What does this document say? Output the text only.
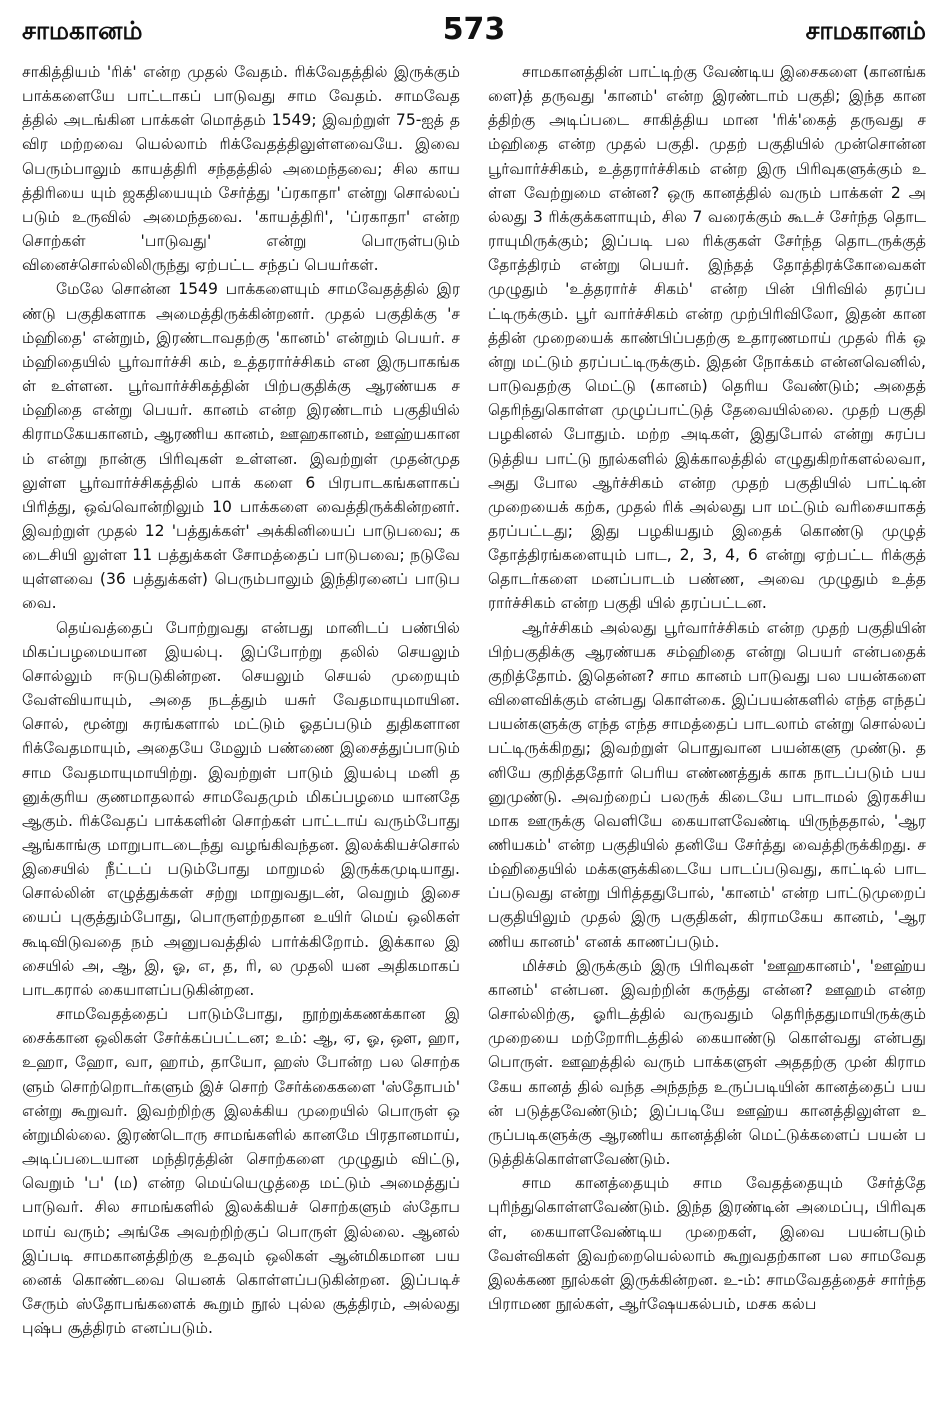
சாமகானம்	573	சாமகானம்

சாகித்தியம் 'ரிக்' என்ற முதல் வேதம். ரிக்வேதத்தில் இருக்கும் பாக்களையே பாட்டாகப் பாடுவது சாம வேதம். சாமவேதத்தில் அடங்கின பாக்கள் மொத்தம் 1549; இவற்றுள் 75-ஐத் தவிர மற்றவை யெல்லாம் ரிக்வேதத்திலுள்ளவையே. இவை பெரும்பாலும் காயத்திரி சந்தத்தில் அமைந்தவை; சில காயத்திரியை யும் ஜகதியையும் சேர்த்து 'ப்ரகாதா' என்று சொல்லப் படும் உருவில் அமைந்தவை. 'காயத்திரி', 'ப்ரகாதா' என்ற சொற்கள் 'பாடுவது' என்று பொருள்படும் வினைச்சொல்லிலிருந்து ஏற்பட்ட சந்தப் பெயர்கள்.

மேலே சொன்ன 1549 பாக்களையும் சாமவேதத்தில் இரண்டு பகுதிகளாக அமைத்திருக்கின்றனர். முதல் பகுதிக்கு 'சம்ஹிதை' என்றும், இரண்டாவதற்கு 'கானம்' என்றும் பெயர். சம்ஹிதையில் பூர்வார்ச்சி கம், உத்தரார்ச்சிகம் என இருபாகங்கள் உள்ளன. பூர்வார்ச்சிகத்தின் பிற்பகுதிக்கு ஆரண்யக சம்ஹிதை என்று பெயர். கானம் என்ற இரண்டாம் பகுதியில் கிராமகேயகானம், ஆரணிய கானம், ஊஹகானம், ஊஹ்யகானம் என்று நான்கு பிரிவுகள் உள்ளன. இவற்றுள் முதன்முதலுள்ள பூர்வார்ச்சிகத்தில் பாக் களை 6 பிரபாடகங்களாகப் பிரித்து, ஒவ்வொன்றிலும் 10 பாக்களை வைத்திருக்கின்றனர். இவற்றுள் முதல் 12 'பத்துக்கள்' அக்கினியைப் பாடுபவை; கடைசியி லுள்ள 11 பத்துக்கள் சோமத்தைப் பாடுபவை; நடுவே யுள்ளவை (36 பத்துக்கள்) பெரும்பாலும் இந்திரனைப் பாடுபவை.

தெய்வத்தைப் போற்றுவது என்பது மானிடப் பண்பில் மிகப்பழமையான இயல்பு. இப்போற்று தலில் செயலும் சொல்லும் ஈடுபடுகின்றன. செயலும் செயல் முறையும் வேள்வியாயும், அதை நடத்தும் யசுர் வேதமாயுமாயின. சொல், மூன்று சுரங்களால் மட்டும் ஓதப்படும் துதிகளான ரிக்வேதமாயும், அதையே மேலும் பண்ணை இசைத்துப்பாடும் சாம வேதமாயுமாயிற்று. இவற்றுள் பாடும் இயல்பு மனி தனுக்குரிய குணமாதலால் சாமவேதமும் மிகப்பழமை யானதே ஆகும். ரிக்வேதப் பாக்களின் சொற்கள் பாட்டாய் வரும்போது ஆங்காங்கு மாறுபாடடைந்து வழங்கிவந்தன. இலக்கியச்சொல் இசையில் நீட்டப் படும்போது மாறுமல் இருக்கமுடியாது. சொல்லின் எழுத்துக்கள் சற்று மாறுவதுடன், வெறும் இசை யைப் புகுத்தும்போது, பொருளற்றதான உயிர் மெய் ஒலிகள் கூடிவிடுவதை நம் அனுபவத்தில் பார்க்கிறோம். இக்கால இசையில் அ, ஆ, இ, ஓ, எ, த, ரி, ல முதலி யன அதிகமாகப் பாடகரால் கையாளப்படுகின்றன.

சாமவேதத்தைப் பாடும்போது, நூற்றுக்கணக்கான இசைக்கான ஒலிகள் சேர்க்கப்பட்டன; உம்: ஆ, ஏ, ஓ, ஔ, ஹா, உஹா, ஹோ, வா, ஹாம், தாயோ, ஹஸ் போன்ற பல சொற்களும் சொற்றொடர்களும் இச் சொற் சேர்க்கைகளை 'ஸ்தோபம்' என்று கூறுவர். இவற்றிற்கு இலக்கிய முறையில் பொருள் ஒன்றுமில்லை. இரண்டொரு சாமங்களில் கானமே பிரதானமாய், அடிப்படையான மந்திரத்தின் சொற்களை முழுதும் விட்டு, வெறும் 'ப' (ம) என்ற மெய்யெழுத்தை மட்டும் அமைத்துப் பாடுவர். சில சாமங்களில் இலக்கியச் சொற்களும் ஸ்தோபமாய் வரும்; அங்கே அவற்றிற்குப் பொருள் இல்லை. ஆனல் இப்படி சாமகானத்திற்கு உதவும் ஒலிகள் ஆன்மிகமான பயனைக் கொண்டவை யெனக் கொள்ளப்படுகின்றன. இப்படிச் சேரும் ஸ்தோபங்களைக் கூறும் நூல் புல்ல சூத்திரம், அல்லது புஷ்ப சூத்திரம் எனப்படும்.

சாமகானத்தின் பாட்டிற்கு வேண்டிய இசைகளை (கானங்களை)த் தருவது 'கானம்' என்ற இரண்டாம் பகுதி; இந்த கானத்திற்கு அடிப்படை சாகித்திய மான 'ரிக்'கைத் தருவது சம்ஹிதை என்ற முதல் பகுதி. முதற் பகுதியில் முன்சொன்ன பூர்வார்ச்சிகம், உத்தரார்ச்சிகம் என்ற இரு பிரிவுகளுக்கும் உள்ள வேற்றுமை என்ன? ஒரு கானத்தில் வரும் பாக்கள் 2 அல்லது 3 ரிக்குக்களாயும், சில 7 வரைக்கும் கூடச் சேர்ந்த தொடராயுமிருக்கும்; இப்படி பல ரிக்குகள் சேர்ந்த தொடருக்குத் தோத்திரம் என்று பெயர். இந்தத் தோத்திரக்கோவைகள் முழுதும் 'உத்தரார்ச் சிகம்' என்ற பின் பிரிவில் தரப்பட்டிருக்கும். பூர் வார்ச்சிகம் என்ற முற்பிரிவிலோ, இதன் கானத்தின் முறையைக் காண்பிப்பதற்கு உதாரணமாய் முதல் ரிக் ஒன்று மட்டும் தரப்பட்டிருக்கும். இதன் நோக்கம் என்னவெனில், பாடுவதற்கு மெட்டு (கானம்) தெரிய வேண்டும்; அதைத் தெரிந்துகொள்ள முழுப்பாட்டுத் தேவையில்லை. முதற் பகுதி பழகினல் போதும். மற்ற அடிகள், இதுபோல் என்று சுரப்படுத்திய பாட்டு நூல்களில் இக்காலத்தில் எழுதுகிறர்களல்லவா, அது போல ஆர்ச்சிகம் என்ற முதற் பகுதியில் பாட்டின் முறையைக் கற்க, முதல் ரிக் அல்லது பா மட்டும் வரிசையாகத் தரப்பட்டது; இது பழகியதும் இதைக் கொண்டு முழுத் தோத்திரங்களையும் பாட, 2, 3, 4, 6 என்று ஏற்பட்ட ரிக்குத் தொடர்களை மனப்பாடம் பண்ண, அவை முழுதும் உத்தரார்ச்சிகம் என்ற பகுதி யில் தரப்பட்டன.

ஆர்ச்சிகம் அல்லது பூர்வார்ச்சிகம் என்ற முதற் பகுதியின் பிற்பகுதிக்கு ஆரண்யக சம்ஹிதை என்று பெயர் என்பதைக் குறித்தோம். இதென்ன? சாம கானம் பாடுவது பல பயன்களை விளைவிக்கும் என்பது கொள்கை. இப்பயன்களில் எந்த எந்தப் பயன்களுக்கு எந்த எந்த சாமத்தைப் பாடலாம் என்று சொல்லப் பட்டிருக்கிறது; இவற்றுள் பொதுவான பயன்களு முண்டு. தனியே குறித்ததோர் பெரிய எண்ணத்துக் காக நாடப்படும் பயனுமுண்டு. அவற்றைப் பலருக் கிடையே பாடாமல் இரகசியமாக ஊருக்கு வெளியே கையாளவேண்டி யிருந்ததால், 'ஆரணியகம்' என்ற பகுதியில் தனியே சேர்த்து வைத்திருக்கிறது. சம்ஹிதையில் மக்களுக்கிடையே பாடப்படுவது, காட்டில் பாடப்படுவது என்று பிரித்ததுபோல், 'கானம்' என்ற பாட்டுமுறைப் பகுதியிலும் முதல் இரு பகுதிகள், கிராமகேய கானம், 'ஆரணிய கானம்' எனக் காணப்படும்.

மிச்சம் இருக்கும் இரு பிரிவுகள் 'ஊஹகானம்', 'ஊஹ்யகானம்' என்பன. இவற்றின் கருத்து என்ன? ஊஹம் என்ற சொல்லிற்கு, ஓரிடத்தில் வருவதும் தெரிந்ததுமாயிருக்கும் முறையை மற்றோரிடத்தில் கையாண்டு கொள்வது என்பது பொருள். ஊஹத்தில் வரும் பாக்களுள் அததற்கு முன் கிராமகேய கானத் தில் வந்த அந்தந்த உருப்படியின் கானத்தைப் பயன் படுத்தவேண்டும்; இப்படியே ஊஹ்ய கானத்திலுள்ள உருப்படிகளுக்கு ஆரணிய கானத்தின் மெட்டுக்களைப் பயன் படுத்திக்கொள்ளவேண்டும்.

சாம கானத்தையும் சாம வேதத்தையும் சேர்த்தே புரிந்துகொள்ளவேண்டும். இந்த இரண்டின் அமைப்பு, பிரிவுகள், கையாளவேண்டிய முறைகள், இவை பயன்படும் வேள்விகள் இவற்றையெல்லாம் கூறுவதற்கான பல சாமவேத இலக்கண நூல்கள் இருக்கின்றன. உ-ம்: சாமவேதத்தைச் சார்ந்த பிராமண நூல்கள், ஆர்ஷேயகல்பம், மசக கல்ப
